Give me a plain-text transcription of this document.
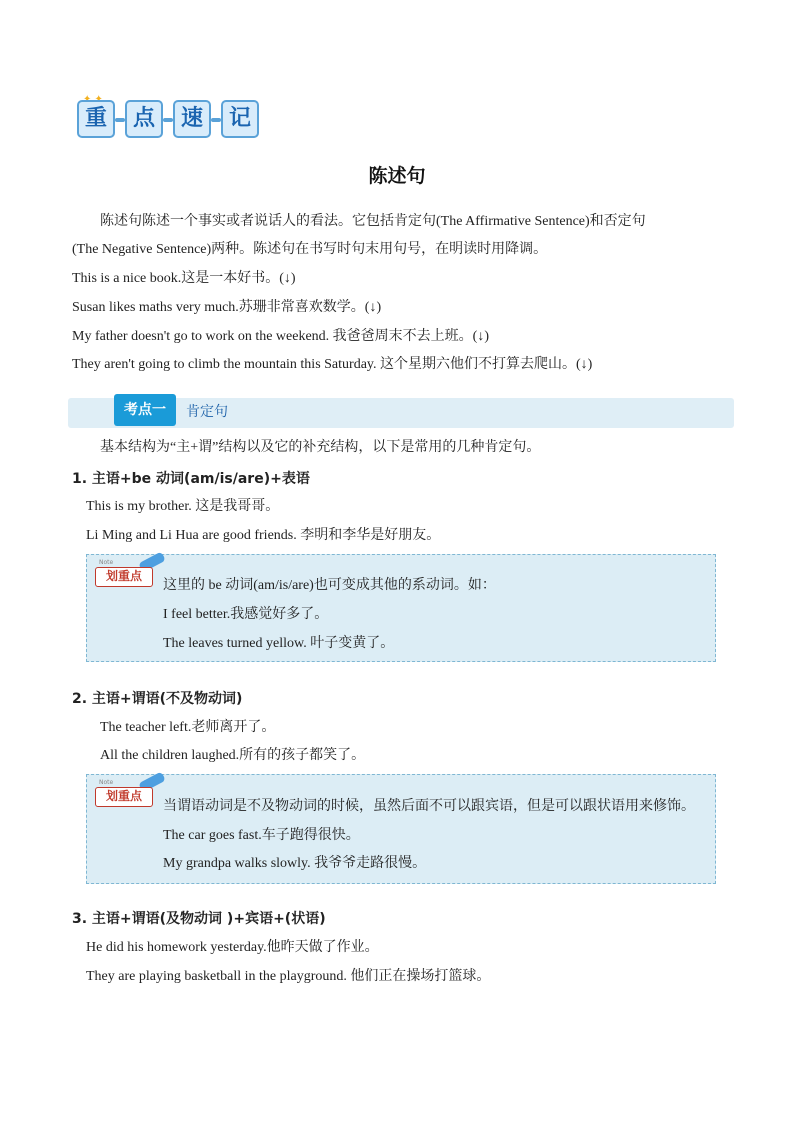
重	点	速	记
陈述句
陈述句陈述一个事实或者说话人的看法。它包括肯定句(The Affirmative Sentence)和否定句
(The Negative Sentence)两种。陈述句在书写时句末用句号，在明读时用降调。
This is a nice book.这是一本好书。(↓)
Susan likes maths very much.苏珊非常喜欢数学。(↓)
My father doesn't go to work on the weekend. 我爸爸周末不去上班。(↓)
They aren't going to climb the mountain this Saturday. 这个星期六他们不打算去爬山。(↓)
考点一	肯定句
基本结构为“主+谓”结构以及它的补充结构，以下是常用的几种肯定句。
1. 主语+be 动词(am/is/are)+表语
This is my brother. 这是我哥哥。
Li Ming and Li Hua are good friends. 李明和李华是好朋友。
Note
划重点
这里的 be 动词(am/is/are)也可变成其他的系动词。如：
I feel better.我感觉好多了。
The leaves turned yellow. 叶子变黄了。
2. 主语+谓语(不及物动词)
The teacher left.老师离开了。
All the children laughed.所有的孩子都笑了。
Note
划重点
当谓语动词是不及物动词的时候，虽然后面不可以跟宾语，但是可以跟状语用来修饰。
The car goes fast.车子跑得很快。
My grandpa walks slowly. 我爷爷走路很慢。
3. 主语+谓语(及物动词 )+宾语+(状语)
He did his homework yesterday.他昨天做了作业。
They are playing basketball in the playground. 他们正在操场打篮球。
